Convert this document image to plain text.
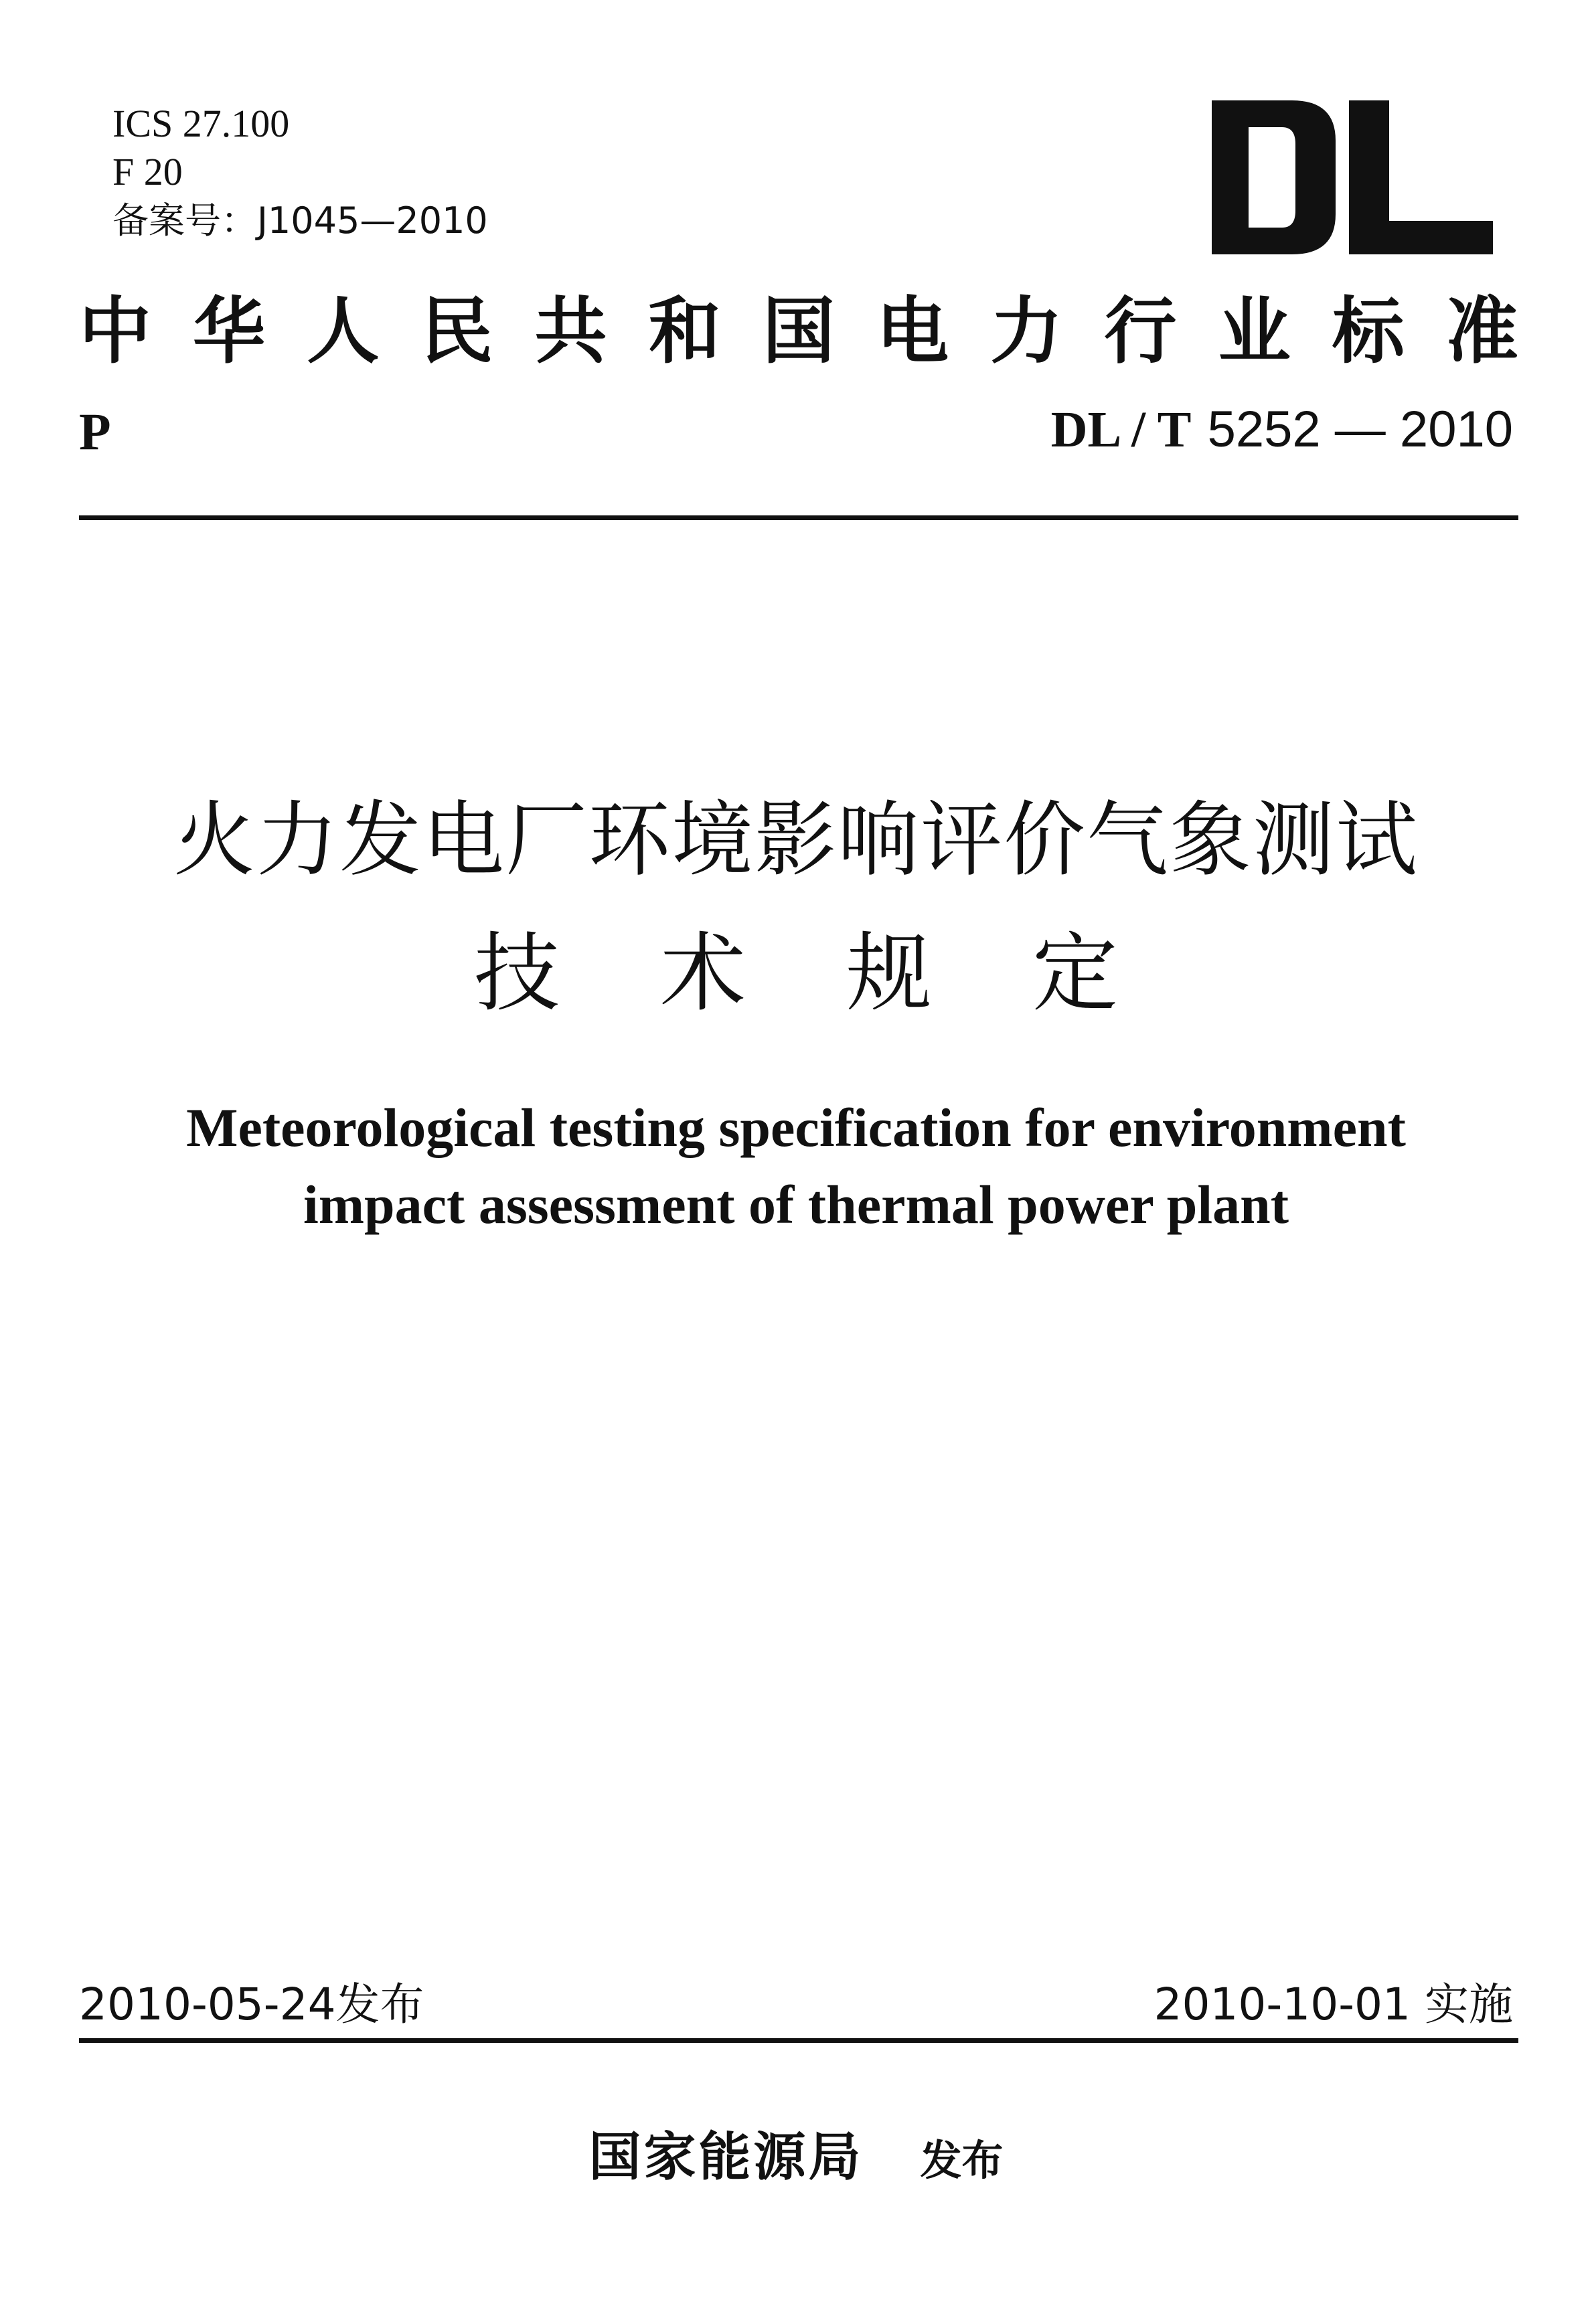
ICS 27.100
F 20
备案号：J1045—2010
中 华 人 民 共 和 国 电 力 行 业 标 准
P	DL / T 5252 — 2010
火力发电厂环境影响评价气象测试
技术规定
Meteorological testing specification for environment
impact assessment of thermal power plant
2010-05-24发布	2010-10-01 实施
国家能源局 发布
